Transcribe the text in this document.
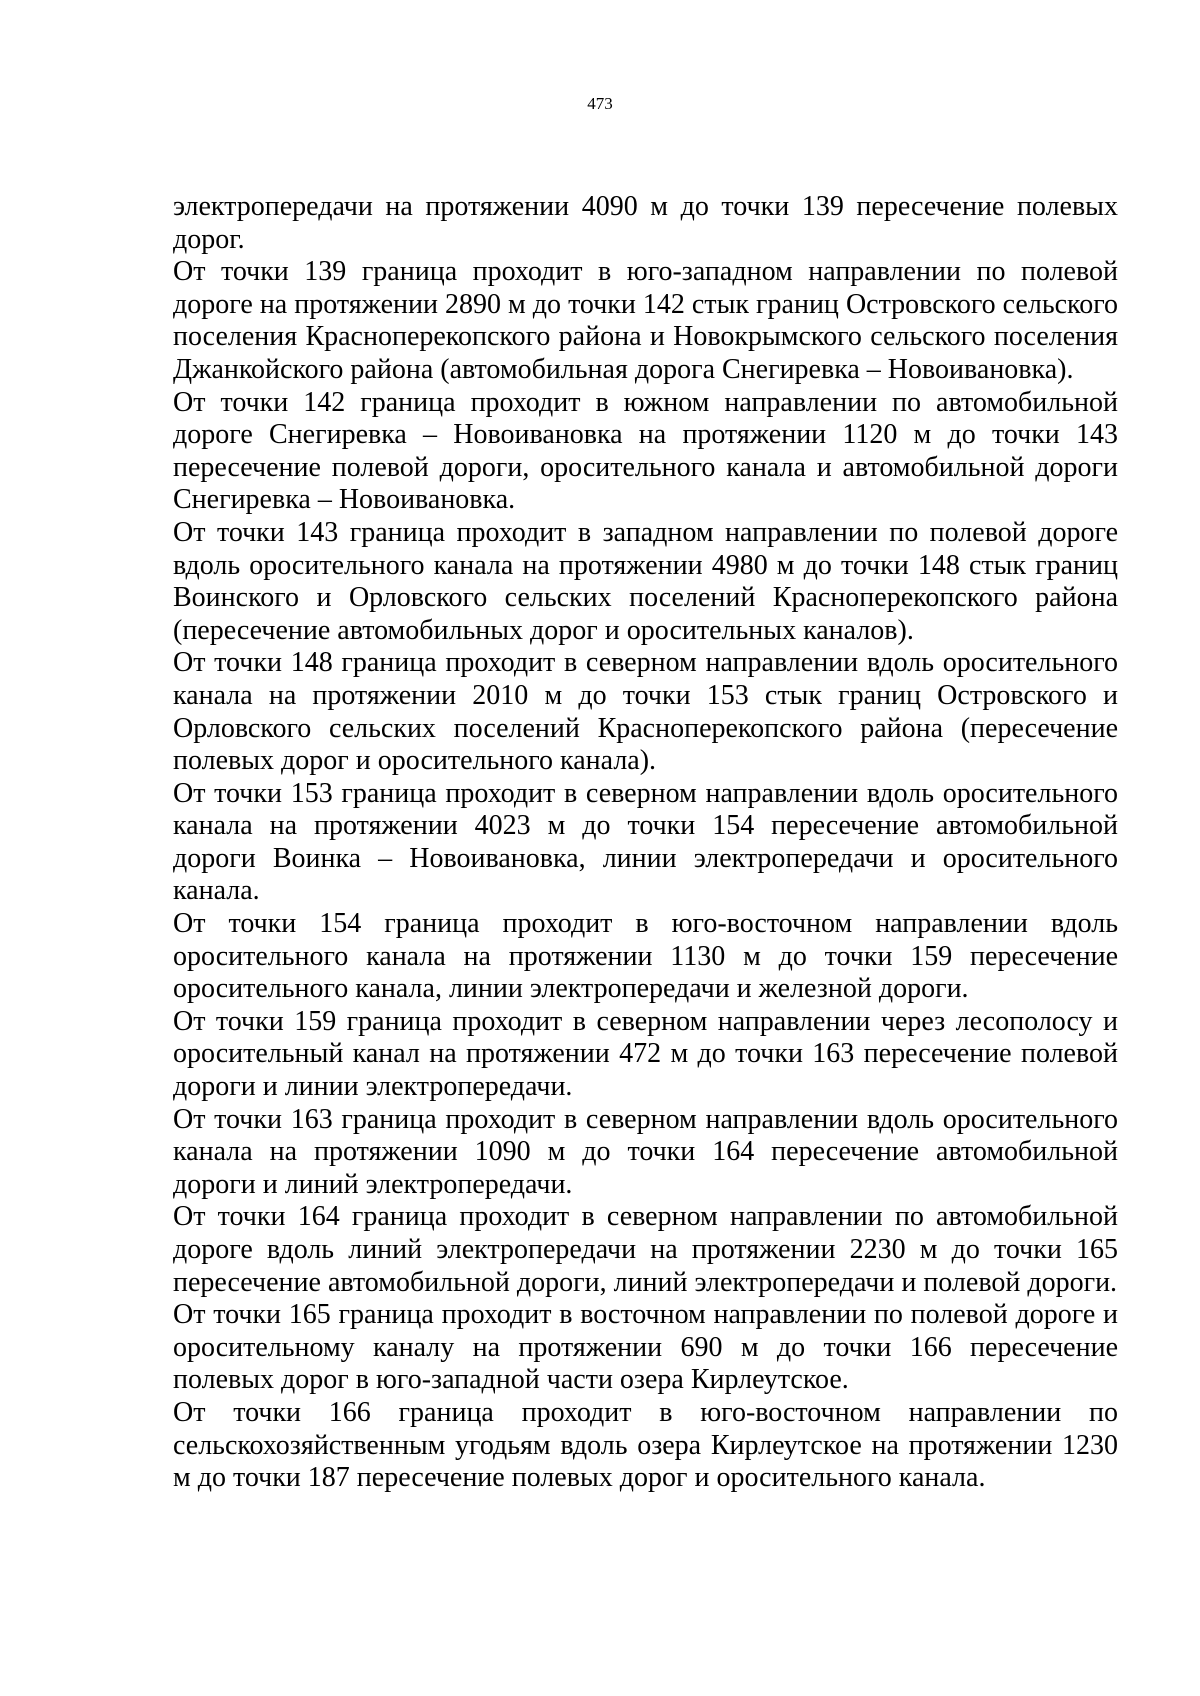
473

электропередачи на протяжении 4090 м до точки 139 пересечение полевых дорог.

От точки 139 граница проходит в юго-западном направлении по полевой дороге на протяжении 2890 м до точки 142 стык границ Островского сельского поселения Красноперекопского района и Новокрымского сельского поселения Джанкойского района (автомобильная дорога Снегиревка – Новоивановка).

От точки 142 граница проходит в южном направлении по автомобильной дороге Снегиревка – Новоивановка на протяжении 1120 м до точки 143 пересечение полевой дороги, оросительного канала и автомобильной дороги Снегиревка – Новоивановка.

От точки 143 граница проходит в западном направлении по полевой дороге вдоль оросительного канала на протяжении 4980 м до точки 148 стык границ Воинского и Орловского сельских поселений Красноперекопского района (пересечение автомобильных дорог и оросительных каналов).

От точки 148 граница проходит в северном направлении вдоль оросительного канала на протяжении 2010 м до точки 153 стык границ Островского и Орловского сельских поселений Красноперекопского района (пересечение полевых дорог и оросительного канала).

От точки 153 граница проходит в северном направлении вдоль оросительного канала на протяжении 4023 м до точки 154 пересечение автомобильной дороги Воинка – Новоивановка, линии электропередачи и оросительного канала.

От точки 154 граница проходит в юго-восточном направлении вдоль оросительного канала на протяжении 1130 м до точки 159 пересечение оросительного канала, линии электропередачи и железной дороги.

От точки 159 граница проходит в северном направлении через лесополосу и оросительный канал на протяжении 472 м до точки 163 пересечение полевой дороги и линии электропередачи.

От точки 163 граница проходит в северном направлении вдоль оросительного канала на протяжении 1090 м до точки 164 пересечение автомобильной дороги и линий электропередачи.

От точки 164 граница проходит в северном направлении по автомобильной дороге вдоль линий электропередачи на протяжении 2230 м до точки 165 пересечение автомобильной дороги, линий электропередачи и полевой дороги.

От точки 165 граница проходит в восточном направлении по полевой дороге и оросительному каналу на протяжении 690 м до точки 166 пересечение полевых дорог в юго-западной части озера Кирлеутское.

От точки 166 граница проходит в юго-восточном направлении по сельскохозяйственным угодьям вдоль озера Кирлеутское на протяжении 1230 м до точки 187 пересечение полевых дорог и оросительного канала.
